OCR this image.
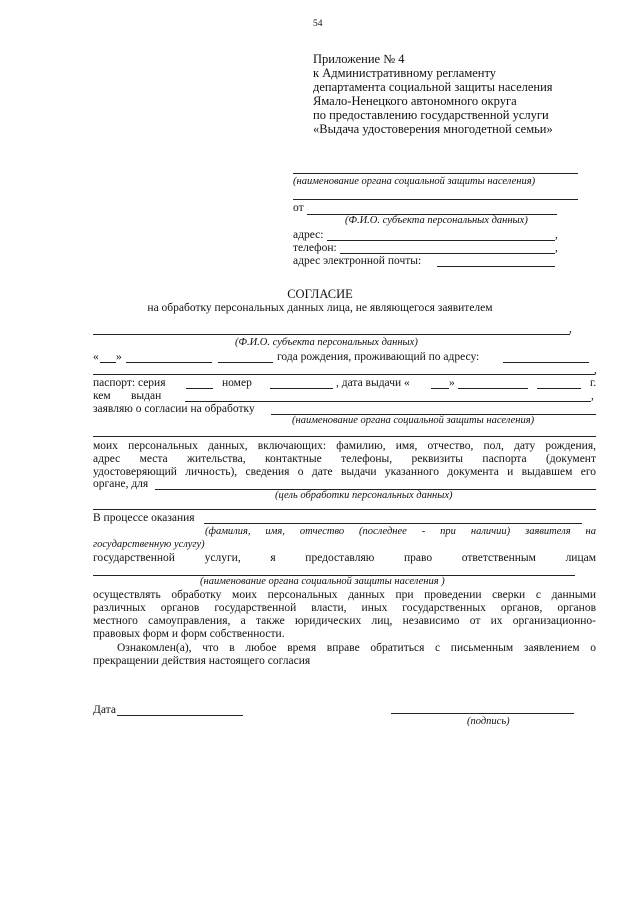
54
Приложение № 4
к Административному регламенту
департамента социальной защиты населения
Ямало-Ненецкого автономного округа
по предоставлению государственной услуги
«Выдача удостоверения многодетной семьи»
(наименование органа социальной защиты населения)
от
(Ф.И.О. субъекта персональных данных)
адрес:	,
телефон:	,
адрес электронной почты:
СОГЛАСИЕ
на обработку персональных данных лица, не являющегося заявителем
,
(Ф.И.О. субъекта персональных данных)
« »	года рождения, проживающий по адресу:
,
паспорт: серия	номер	, дата выдачи «	»	г.
кем выдан	,
заявляю о согласии на обработку
(наименование органа социальной защиты населения)
моих персональных данных, включающих: фамилию, имя, отчество, пол, дату рождения,
адрес места жительства, контактные телефоны, реквизиты паспорта (документ
удостоверяющий личность), сведения о дате выдачи указанного документа и выдавшем его
органе, для
(цель обработки персональных данных)
В процессе оказания
(фамилия, имя, отчество (последнее - при наличии) заявителя на
государственную услугу)
государственной услуги, я предоставляю право ответственным лицам
(наименование органа социальной защиты населения )
осуществлять обработку моих персональных данных при проведении сверки с данными
различных органов государственной власти, иных государственных органов, органов
местного самоуправления, а также юридических лиц, независимо от их организационно-
правовых форм и форм собственности.
Ознакомлен(а), что в любое время вправе обратиться с письменным заявлением о
прекращении действия настоящего согласия
Дата
(подпись)
